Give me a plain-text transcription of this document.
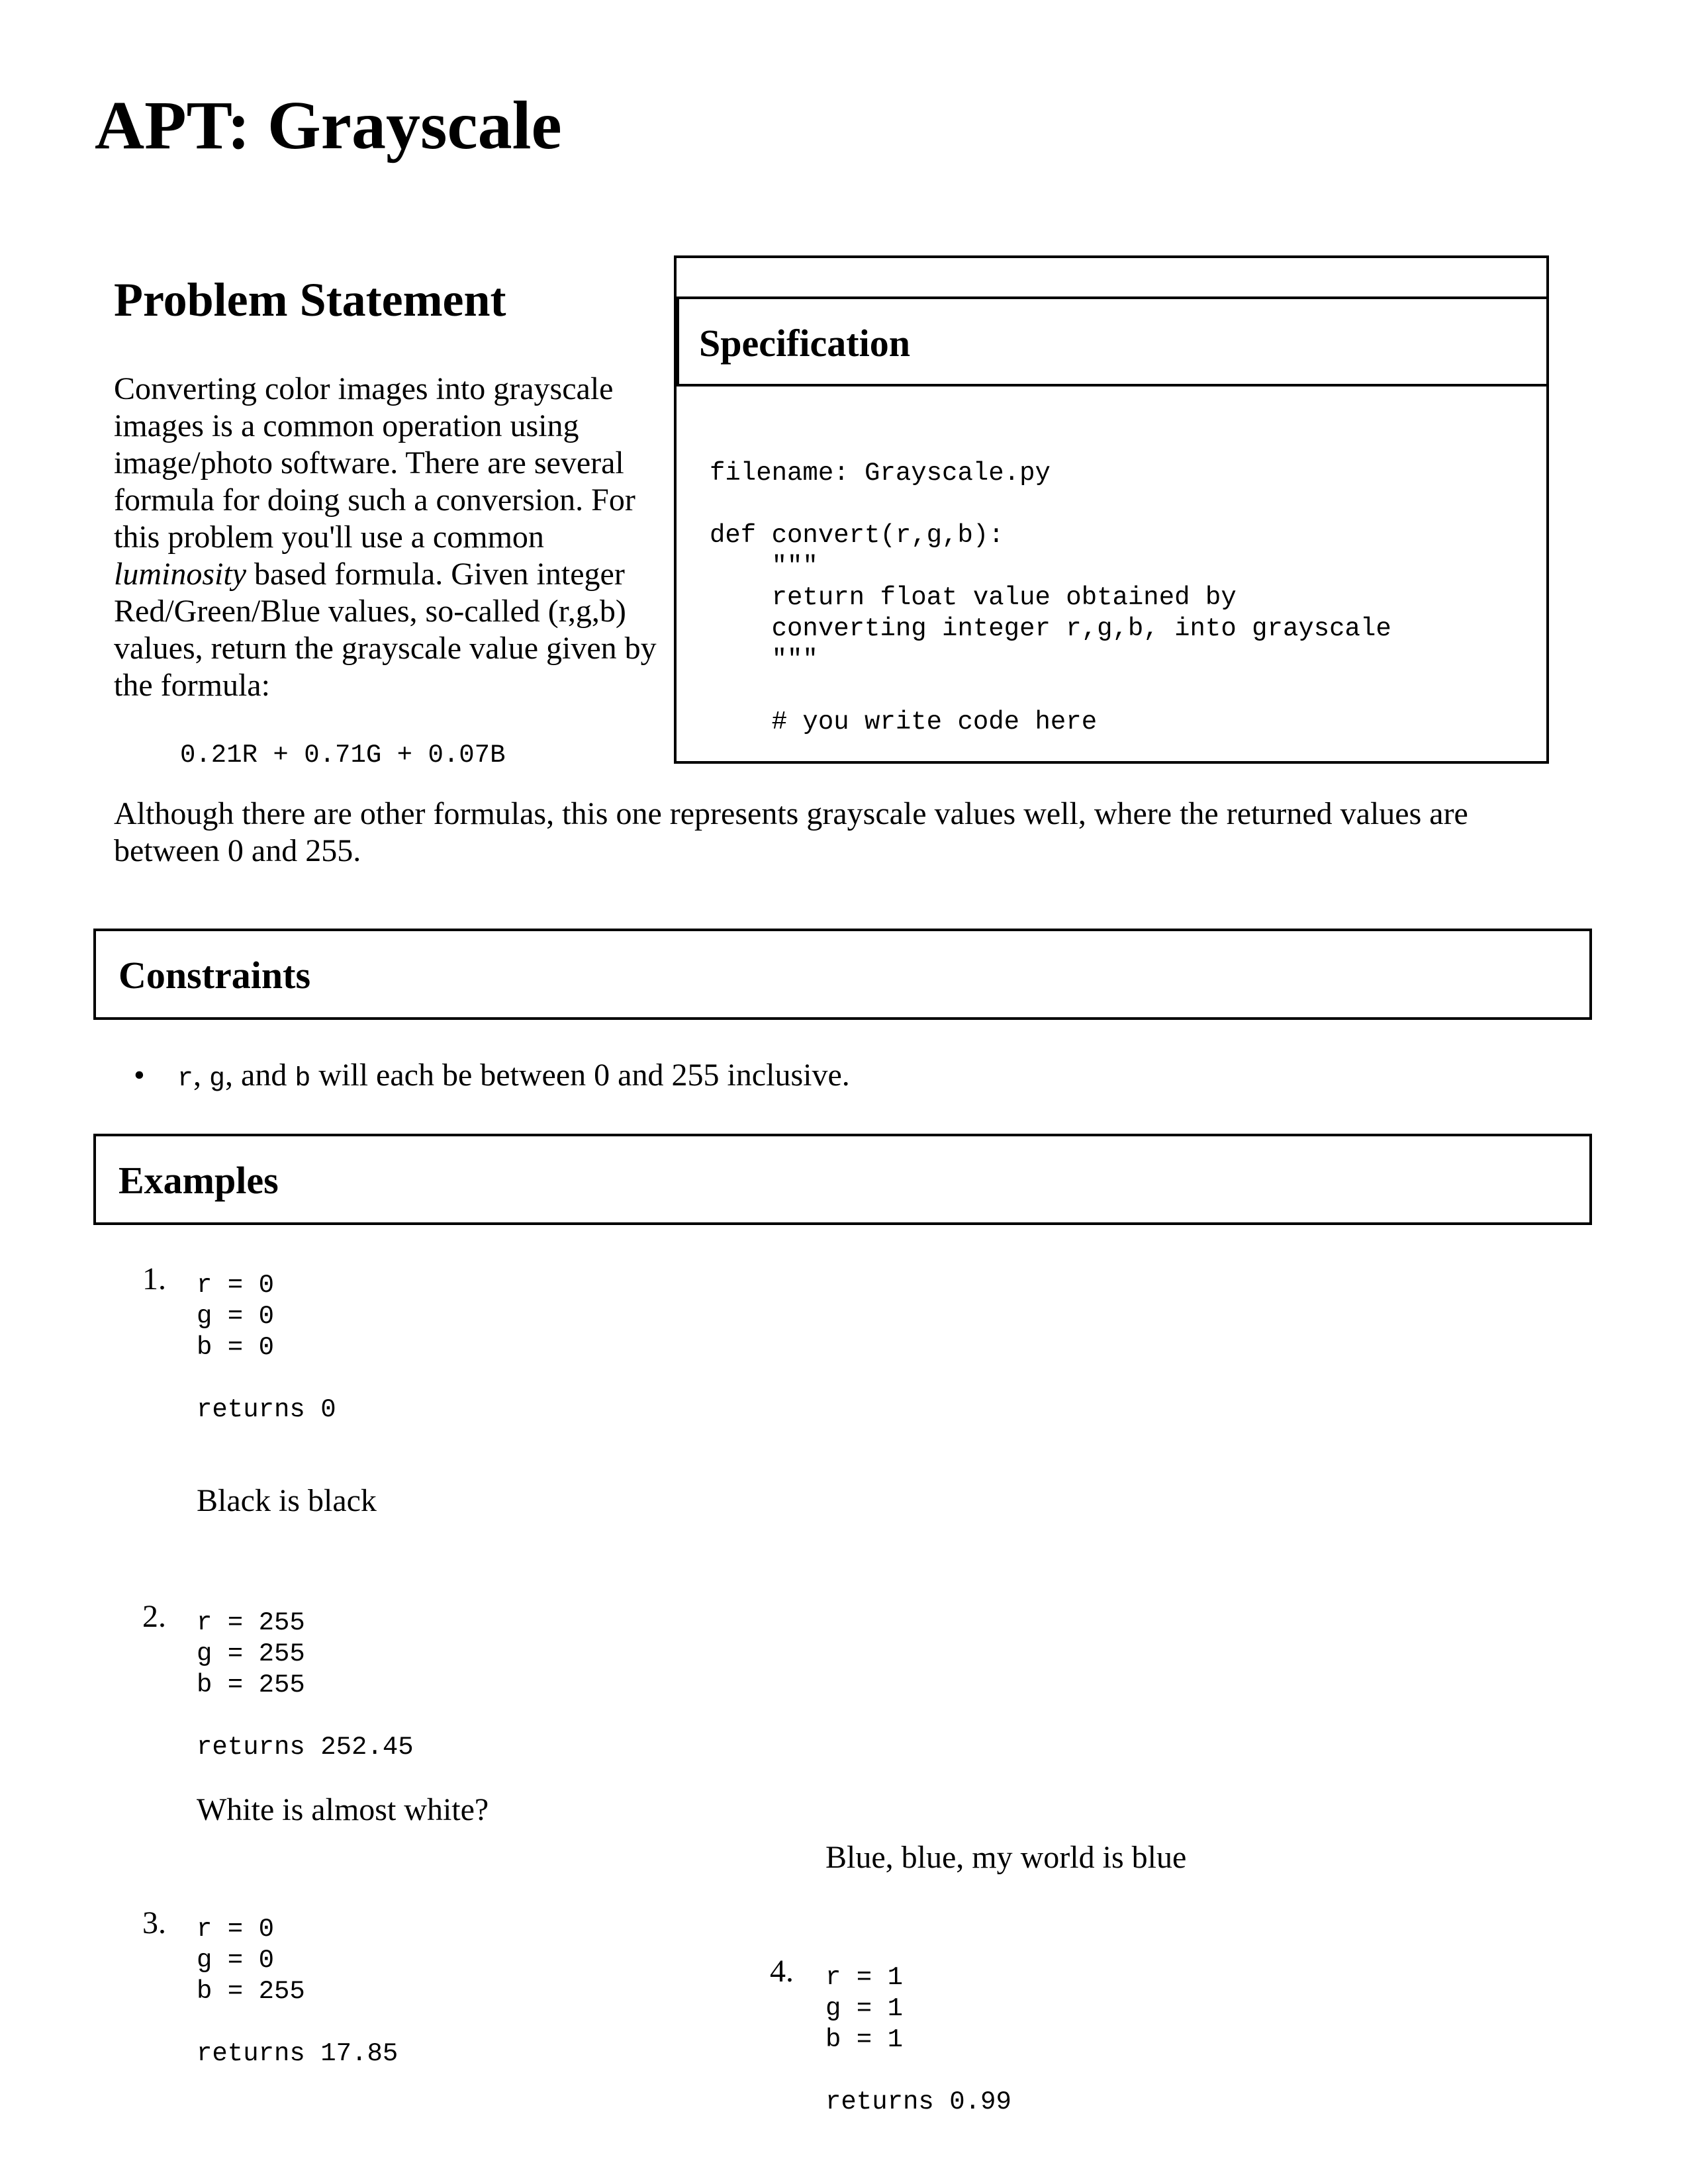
APT: Grayscale
Problem Statement

Converting color images into grayscale images is a common operation using image/photo software. There are several formula for doing such a conversion. For this problem you'll use a common luminosity based formula. Given integer Red/Green/Blue values, so-called (r,g,b) values, return the grayscale value given by the formula:

0.21R + 0.71G + 0.07B

Although there are other formulas, this one represents grayscale values well, where the returned values are between 0 and 255.

Specification
filename: Grayscale.py

def convert(r,g,b):
"""
return float value obtained by
converting integer r,g,b, into grayscale
"""

# you write code here
Constraints
• r, g, and b will each be between 0 and 255 inclusive.
Examples
1. r = 0
g = 0
b = 0

returns 0
Black is black
2. r = 255
g = 255
b = 255

returns 252.45
White is almost white?
3. r = 0
g = 0
b = 255

returns 17.85
Blue, blue, my world is blue
4. r = 1
g = 1
b = 1

returns 0.99
